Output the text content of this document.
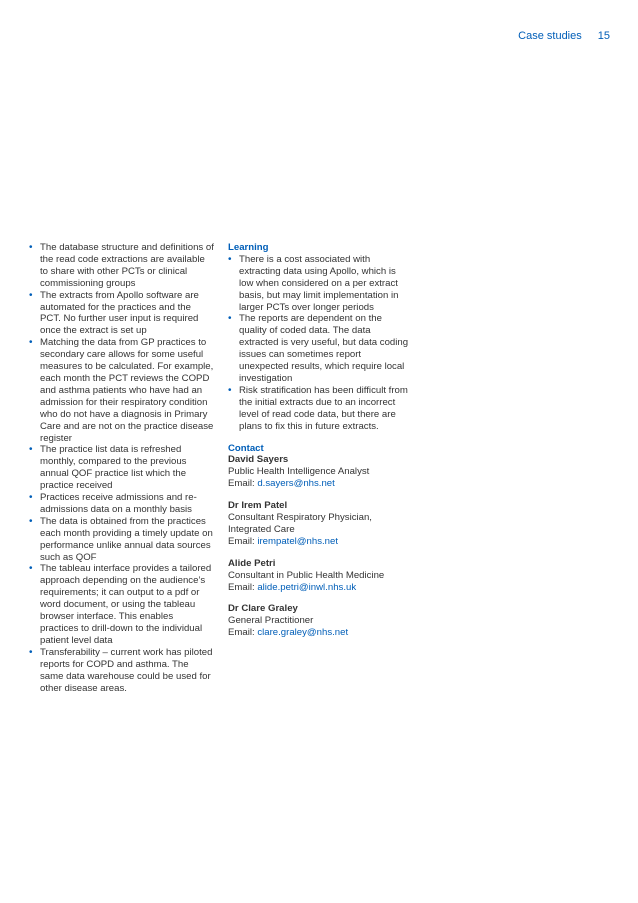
Case studies 15
• The database structure and definitions of the read code extractions are available to share with other PCTs or clinical commissioning groups
• The extracts from Apollo software are automated for the practices and the PCT. No further user input is required once the extract is set up
• Matching the data from GP practices to secondary care allows for some useful measures to be calculated. For example, each month the PCT reviews the COPD and asthma patients who have had an admission for their respiratory condition who do not have a diagnosis in Primary Care and are not on the practice disease register
• The practice list data is refreshed monthly, compared to the previous annual QOF practice list which the practice received
• Practices receive admissions and re-admissions data on a monthly basis
• The data is obtained from the practices each month providing a timely update on performance unlike annual data sources such as QOF
• The tableau interface provides a tailored approach depending on the audience’s requirements; it can output to a pdf or word document, or using the tableau browser interface. This enables practices to drill-down to the individual patient level data
• Transferability – current work has piloted reports for COPD and asthma. The same data warehouse could be used for other disease areas.
Learning
• There is a cost associated with extracting data using Apollo, which is low when considered on a per extract basis, but may limit implementation in larger PCTs over longer periods
• The reports are dependent on the quality of coded data. The data extracted is very useful, but data coding issues can sometimes report unexpected results, which require local investigation
• Risk stratification has been difficult from the initial extracts due to an incorrect level of read code data, but there are plans to fix this in future extracts.
Contact
David Sayers
Public Health Intelligence Analyst
Email: d.sayers@nhs.net
Dr Irem Patel
Consultant Respiratory Physician, Integrated Care
Email: irempatel@nhs.net
Alide Petri
Consultant in Public Health Medicine
Email: alide.petri@inwl.nhs.uk
Dr Clare Graley
General Practitioner
Email: clare.graley@nhs.net
